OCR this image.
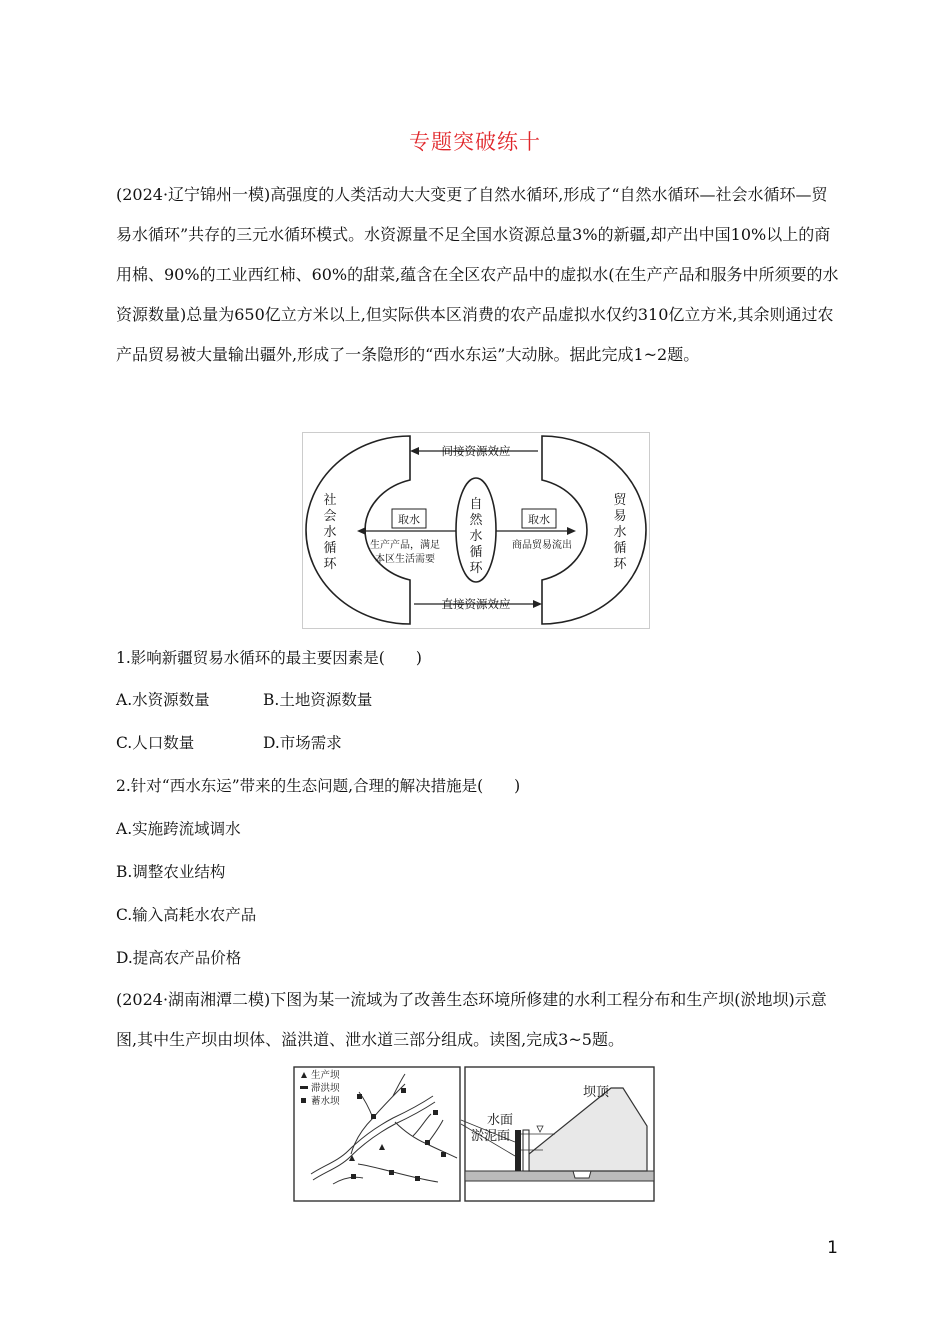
专题突破练十

(2024·辽宁锦州一模)高强度的人类活动大大变更了自然水循环,形成了“自然水循环—社会水循环—贸易水循环”共存的三元水循环模式。水资源量不足全国水资源总量3%的新疆,却产出中国10%以上的商用棉、90%的工业西红柿、60%的甜菜,蕴含在全区农产品中的虚拟水(在生产产品和服务中所须要的水资源数量)总量为650亿立方米以上,但实际供本区消费的农产品虚拟水仅约310亿立方米,其余则通过农产品贸易被大量输出疆外,形成了一条隐形的“西水东运”大动脉。据此完成1~2题。

间接资源效应
直接资源效应
取水	取水
生产产品，满足
本区生活需要
商品贸易流出
社
会
水
循
环
自
然
水
循
环
贸
易
水
循
环
1.影响新疆贸易水循环的最主要因素是(　　)
A.水资源数量	B.土地资源数量
C.人口数量	D.市场需求
2.针对“西水东运”带来的生态问题,合理的解决措施是(　　)
A.实施跨流域调水
B.调整农业结构
C.输入高耗水农产品
D.提高农产品价格

(2024·湖南湘潭二模)下图为某一流域为了改善生态环境所修建的水利工程分布和生产坝(淤地坝)示意图,其中生产坝由坝体、溢洪道、泄水道三部分组成。读图,完成3~5题。

生产坝
滞洪坝
蓄水坝
坝顶
水面
淤泥面
1
